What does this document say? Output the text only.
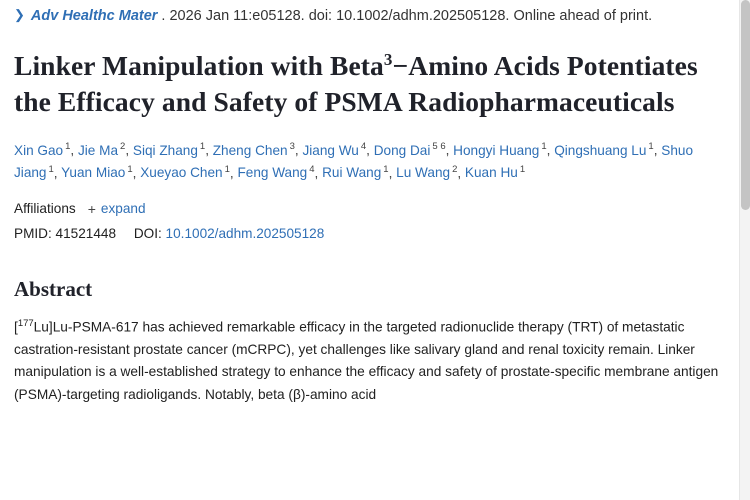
❯ Adv Healthc Mater . 2026 Jan 11:e05128. doi: 10.1002/adhm.202505128. Online ahead of print.
Linker Manipulation with Beta$^3$−Amino Acids Potentiates the Efficacy and Safety of PSMA Radiopharmaceuticals
Xin Gao $^1$, Jie Ma $^2$, Siqi Zhang $^1$, Zheng Chen $^3$, Jiang Wu $^4$, Dong Dai $^{5 6}$, Hongyi Huang $^1$, Qingshuang Lu $^1$, Shuo Jiang $^1$, Yuan Miao $^1$, Xueyao Chen $^1$, Feng Wang $^4$, Rui Wang $^1$, Lu Wang $^2$, Kuan Hu $^1$
Affiliations + expand
PMID: 41521448 DOI: 10.1002/adhm.202505128
Abstract
[$^{177}$Lu]Lu-PSMA-617 has achieved remarkable efficacy in the targeted radionuclide therapy (TRT) of metastatic castration-resistant prostate cancer (mCRPC), yet challenges like salivary gland and renal toxicity remain. Linker manipulation is a well-established strategy to enhance the efficacy and safety of prostate-specific membrane antigen (PSMA)-targeting radioligands. Notably, beta (β)-amino acid
